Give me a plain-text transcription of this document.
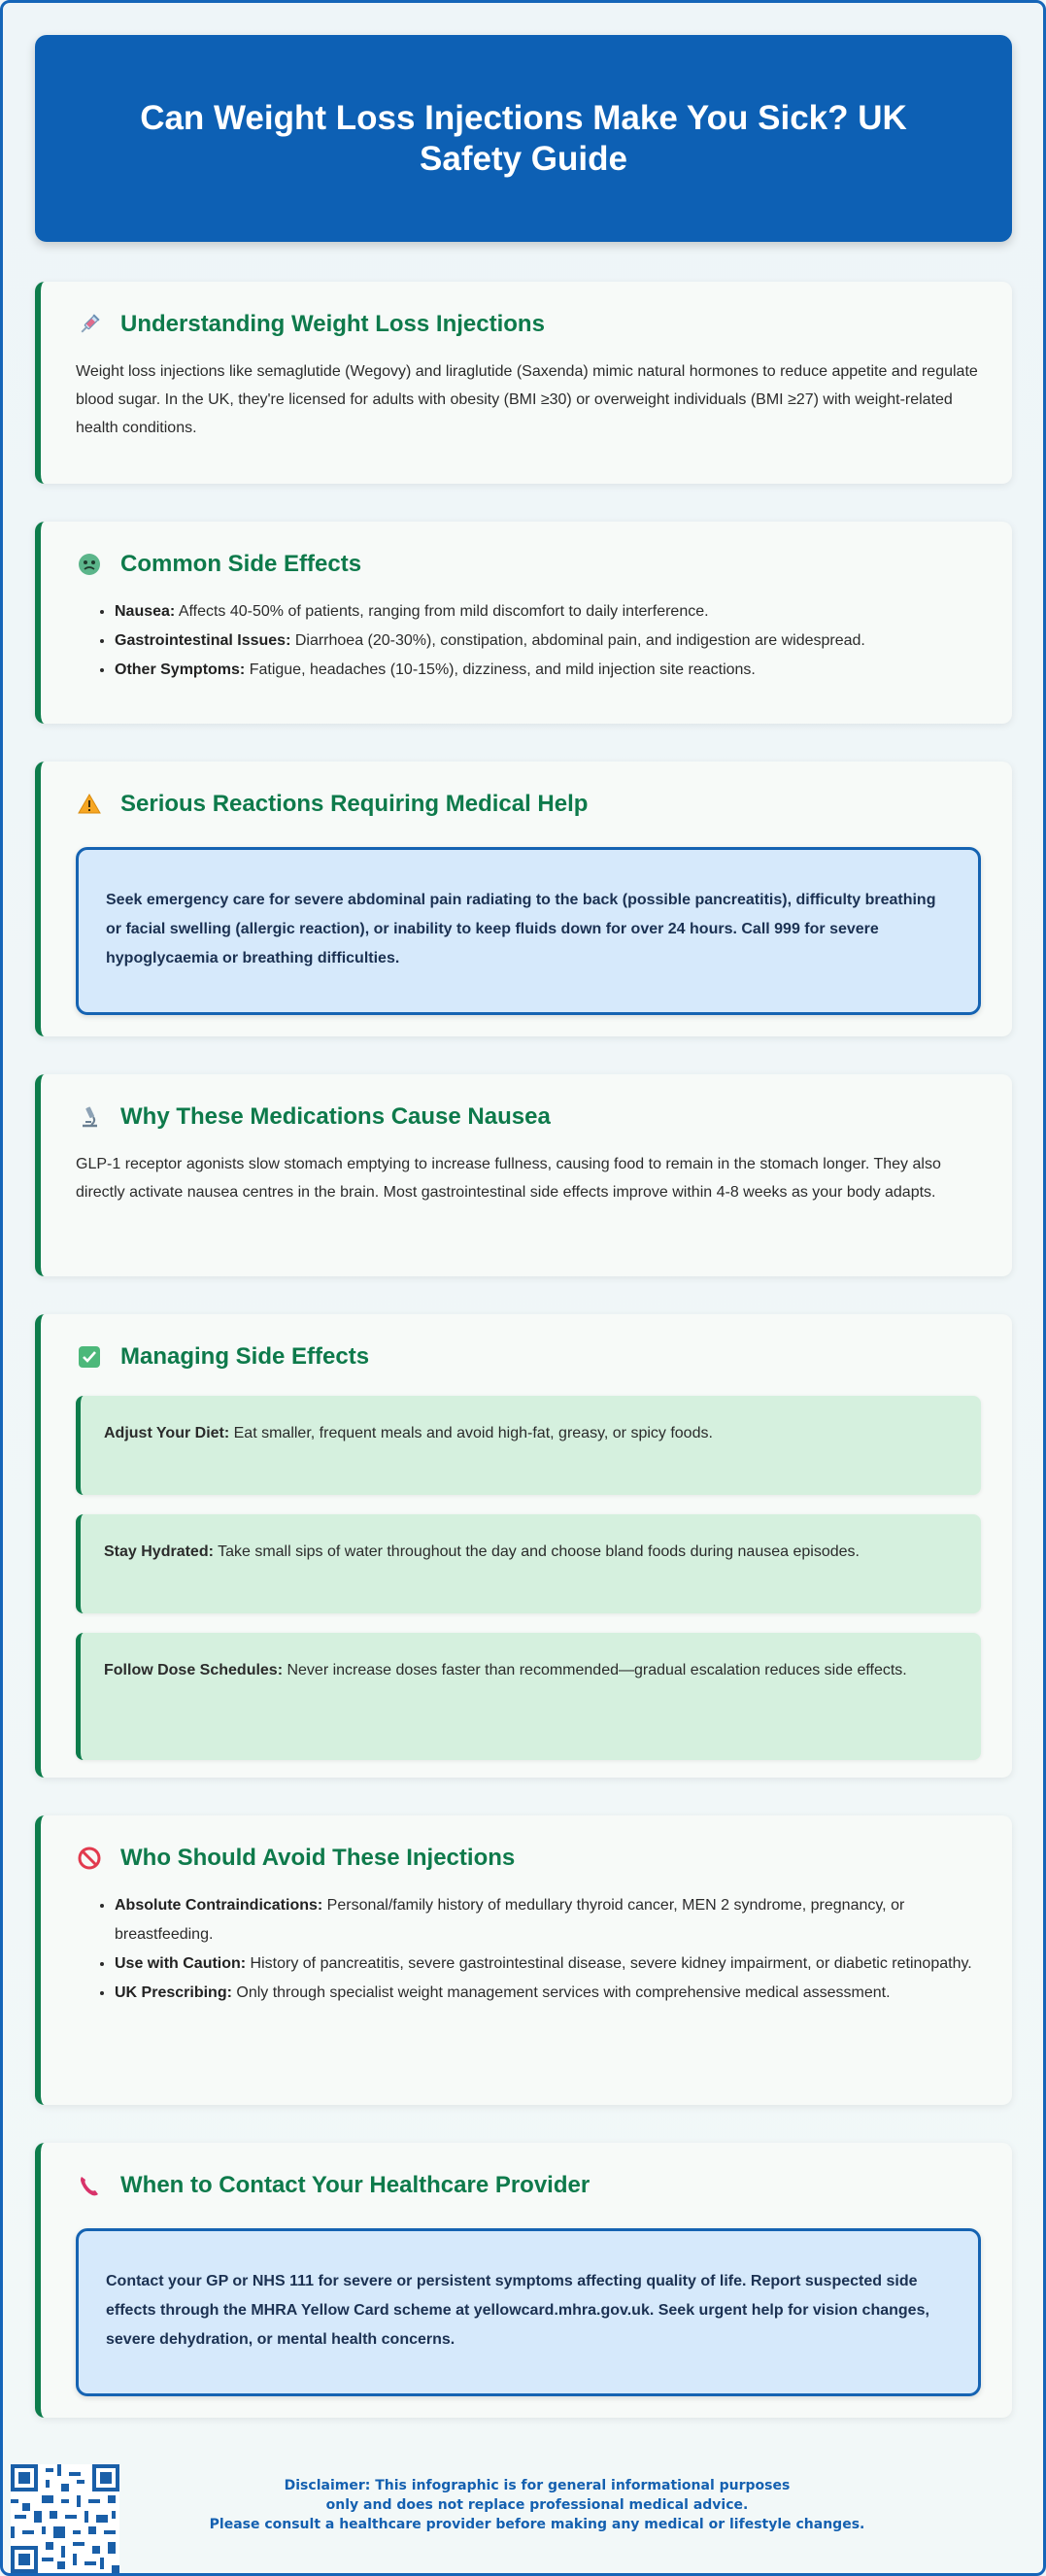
Can Weight Loss Injections Make You Sick? UK Safety Guide
Understanding Weight Loss Injections

Weight loss injections like semaglutide (Wegovy) and liraglutide (Saxenda) mimic natural hormones to reduce appetite and regulate blood sugar. In the UK, they're licensed for adults with obesity (BMI ≥30) or overweight individuals (BMI ≥27) with weight-related health conditions.

Common Side Effects
• Nausea: Affects 40-50% of patients, ranging from mild discomfort to daily interference.
• Gastrointestinal Issues: Diarrhoea (20-30%), constipation, abdominal pain, and indigestion are widespread.
• Other Symptoms: Fatigue, headaches (10-15%), dizziness, and mild injection site reactions.
Serious Reactions Requiring Medical Help
Seek emergency care for severe abdominal pain radiating to the back (possible pancreatitis), difficulty breathing or facial swelling (allergic reaction), or inability to keep fluids down for over 24 hours. Call 999 for severe hypoglycaemia or breathing difficulties.
Why These Medications Cause Nausea

GLP-1 receptor agonists slow stomach emptying to increase fullness, causing food to remain in the stomach longer. They also directly activate nausea centres in the brain. Most gastrointestinal side effects improve within 4-8 weeks as your body adapts.

Managing Side Effects
Adjust Your Diet: Eat smaller, frequent meals and avoid high-fat, greasy, or spicy foods.
Stay Hydrated: Take small sips of water throughout the day and choose bland foods during nausea episodes.
Follow Dose Schedules: Never increase doses faster than recommended—gradual escalation reduces side effects.
Who Should Avoid These Injections
• Absolute Contraindications: Personal/family history of medullary thyroid cancer, MEN 2 syndrome, pregnancy, or breastfeeding.
• Use with Caution: History of pancreatitis, severe gastrointestinal disease, severe kidney impairment, or diabetic retinopathy.
• UK Prescribing: Only through specialist weight management services with comprehensive medical assessment.
When to Contact Your Healthcare Provider
Contact your GP or NHS 111 for severe or persistent symptoms affecting quality of life. Report suspected side effects through the MHRA Yellow Card scheme at yellowcard.mhra.gov.uk. Seek urgent help for vision changes, severe dehydration, or mental health concerns.
Disclaimer: This infographic is for general informational purposes
only and does not replace professional medical advice.
Please consult a healthcare provider before making any medical or lifestyle changes.
